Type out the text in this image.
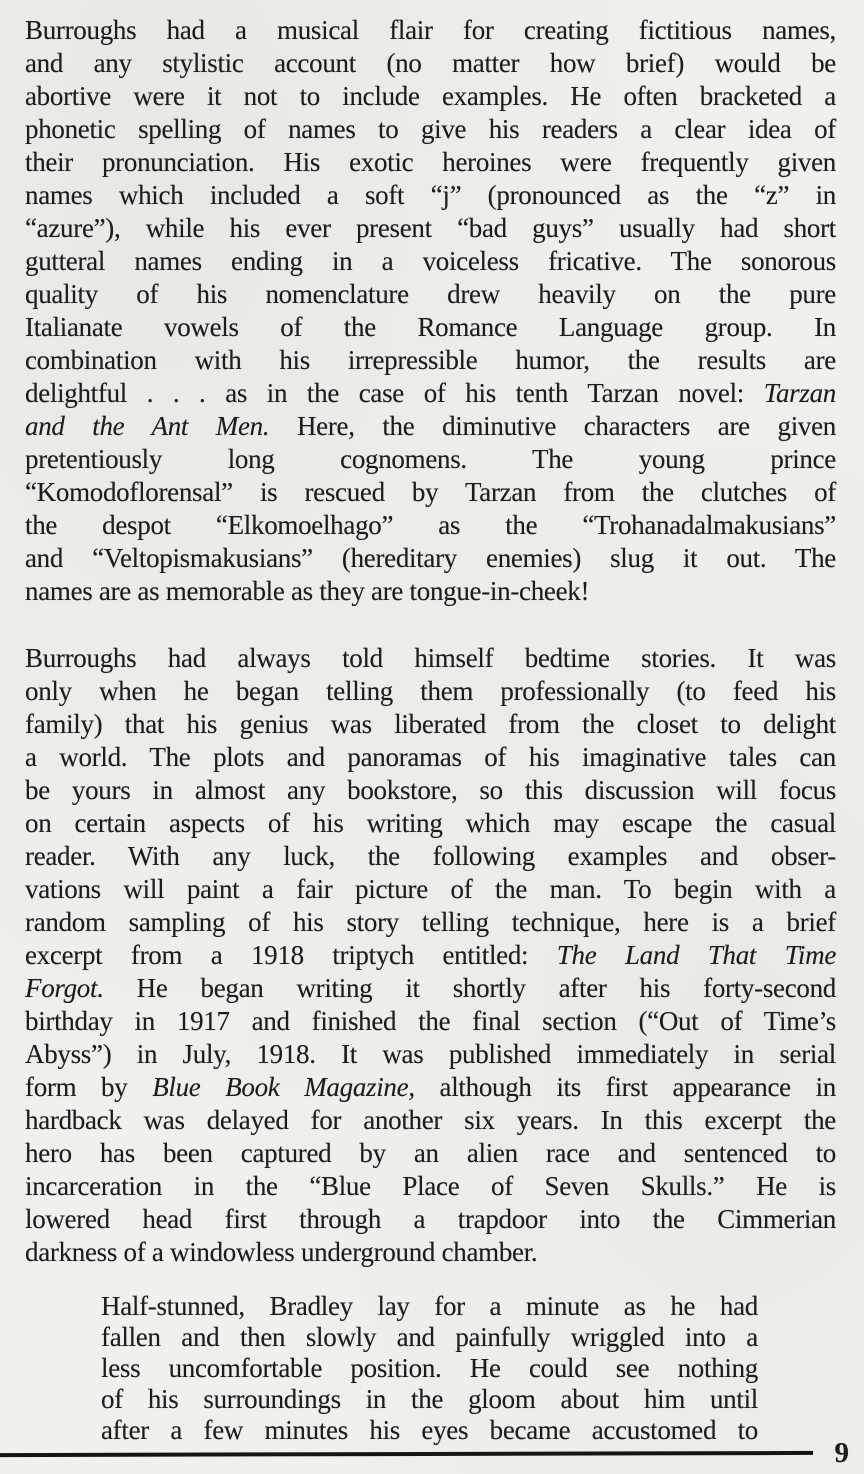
Burroughs had a musical flair for creating fictitious names,
and any stylistic account (no matter how brief) would be
abortive were it not to include examples. He often bracketed a
phonetic spelling of names to give his readers a clear idea of
their pronunciation. His exotic heroines were frequently given
names which included a soft “j” (pronounced as the “z” in
“azure”), while his ever present “bad guys” usually had short
gutteral names ending in a voiceless fricative. The sonorous
quality of his nomenclature drew heavily on the pure
Italianate vowels of the Romance Language group. In
combination with his irrepressible humor, the results are
delightful . . . as in the case of his tenth Tarzan novel: Tarzan
and the Ant Men. Here, the diminutive characters are given
pretentiously long cognomens. The young prince
“Komodoflorensal” is rescued by Tarzan from the clutches of
the despot “Elkomoelhago” as the “Trohanadalmakusians”
and “Veltopismakusians” (hereditary enemies) slug it out. The
names are as memorable as they are tongue-in-cheek!
Burroughs had always told himself bedtime stories. It was
only when he began telling them professionally (to feed his
family) that his genius was liberated from the closet to delight
a world. The plots and panoramas of his imaginative tales can
be yours in almost any bookstore, so this discussion will focus
on certain aspects of his writing which may escape the casual
reader. With any luck, the following examples and obser-
vations will paint a fair picture of the man. To begin with a
random sampling of his story telling technique, here is a brief
excerpt from a 1918 triptych entitled: The Land That Time
Forgot. He began writing it shortly after his forty-second
birthday in 1917 and finished the final section (“Out of Time’s
Abyss”) in July, 1918. It was published immediately in serial
form by Blue Book Magazine, although its first appearance in
hardback was delayed for another six years. In this excerpt the
hero has been captured by an alien race and sentenced to
incarceration in the “Blue Place of Seven Skulls.” He is
lowered head first through a trapdoor into the Cimmerian
darkness of a windowless underground chamber.
Half-stunned, Bradley lay for a minute as he had
fallen and then slowly and painfully wriggled into a
less uncomfortable position. He could see nothing
of his surroundings in the gloom about him until
after a few minutes his eyes became accustomed to
9
